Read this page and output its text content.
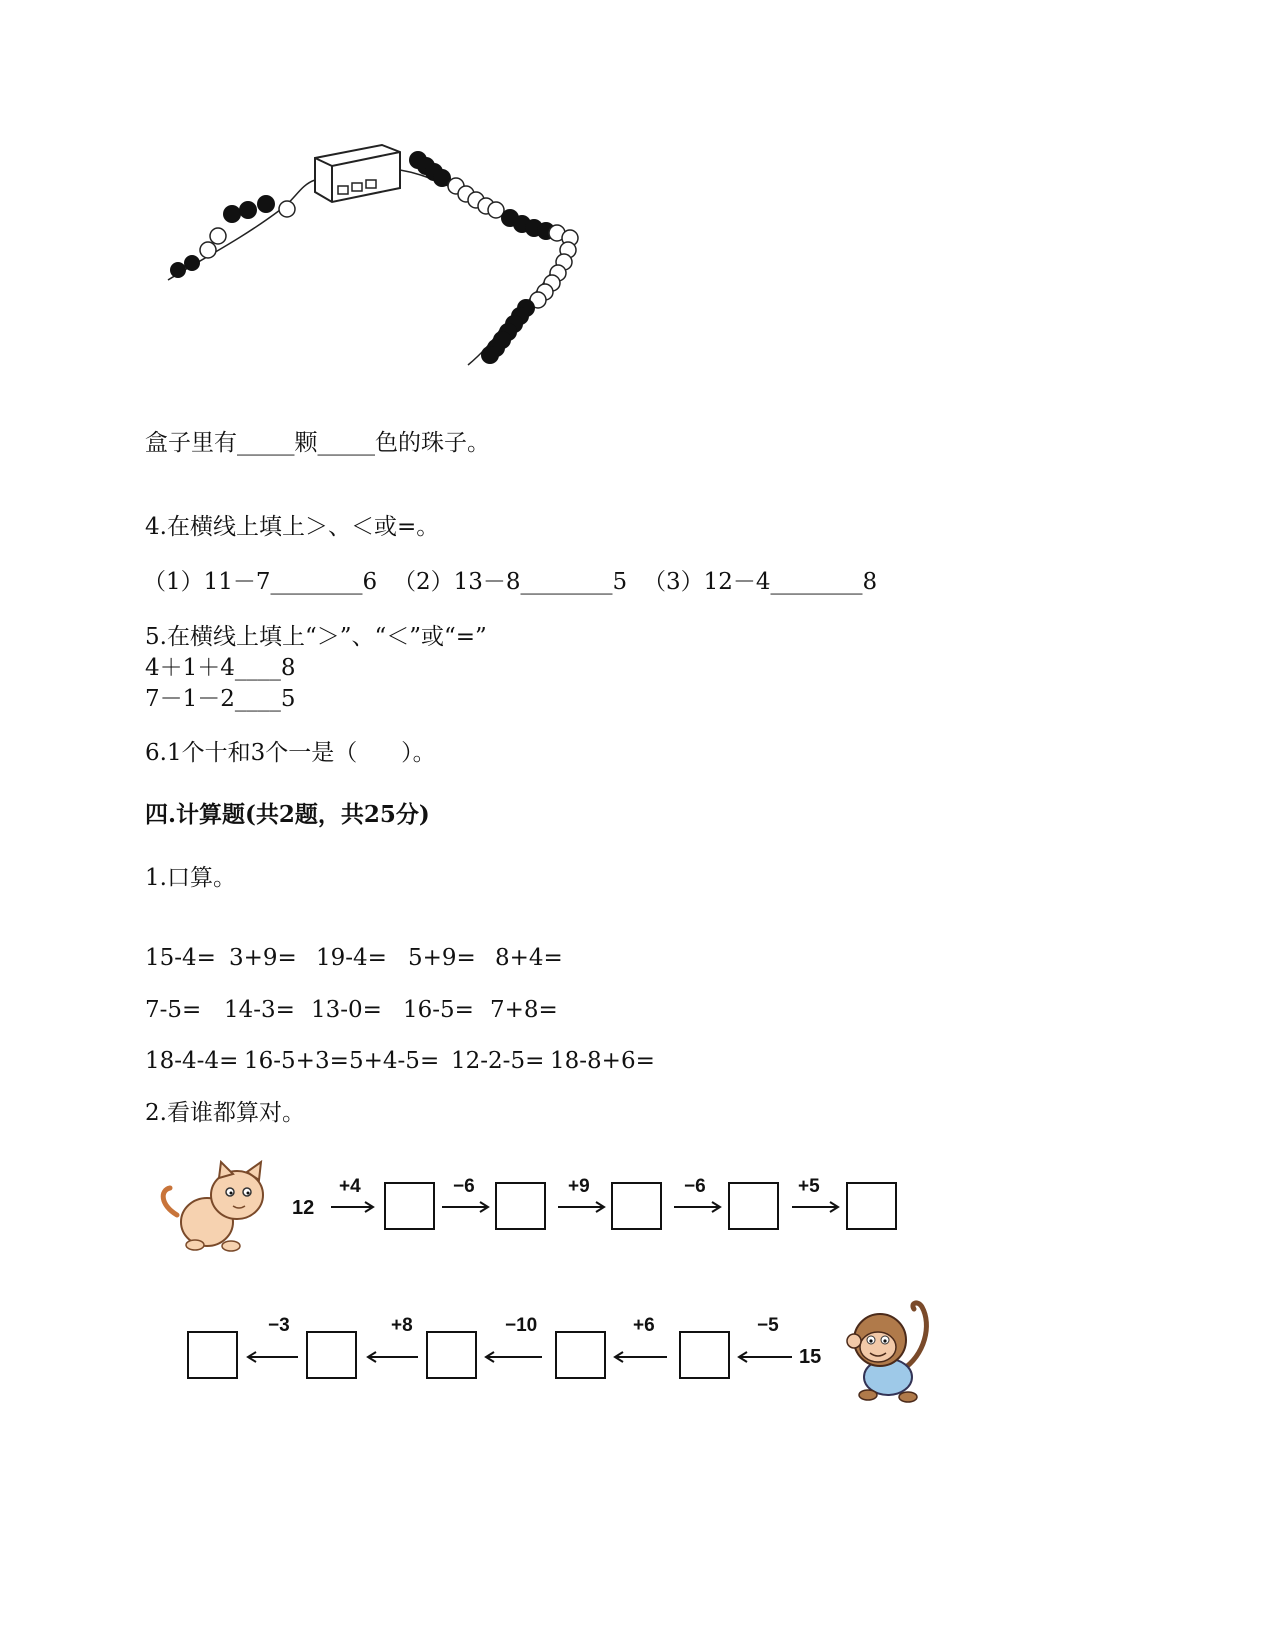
盒子里有_____颗_____色的珠子。
4.在横线上填上＞、＜或=。
（1）11－7________6 （2）13－8________5 （3）12－4________8
5.在横线上填上“＞”、“＜”或“=”
4＋1＋4____8
7－1－2____5
6.1个十和3个一是（      ）。
四.计算题(共2题，共25分)
1.口算。
15-4= 3+9= 19-4= 5+9= 8+4=
7-5= 14-3= 13-0= 16-5= 7+8=
18-4-4= 16-5+3= 5+4-5= 12-2-5= 18-8+6=
2.看谁都算对。
12
+4	−6	+9	−6	+5
−3	+8	−10	+6	−5
15
